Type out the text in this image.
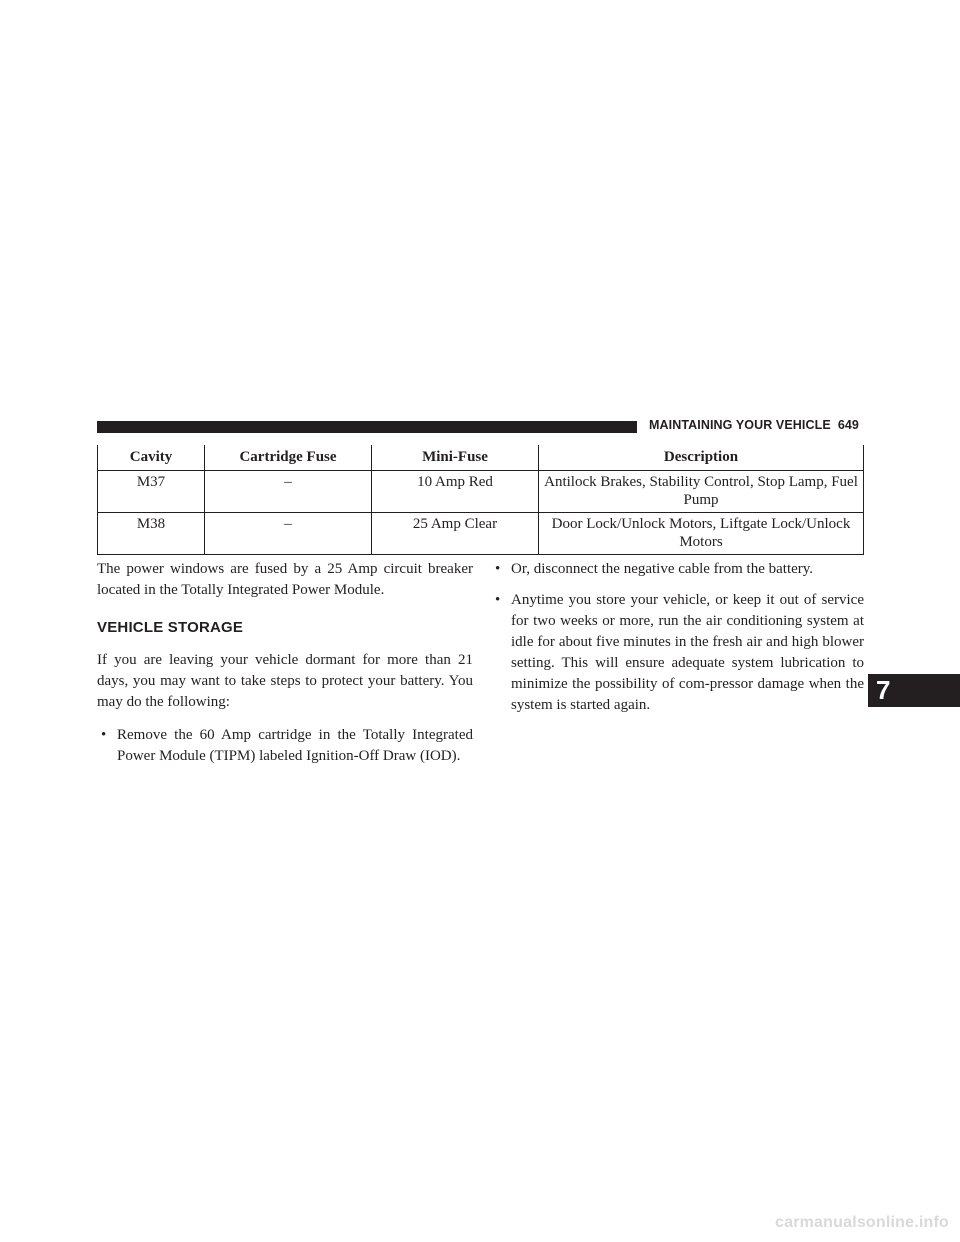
MAINTAINING YOUR VEHICLE 649
Cavity	Cartridge Fuse	Mini-Fuse	Description
M37	–	10 Amp Red	Antilock Brakes, Stability Control, Stop Lamp, Fuel Pump
M38	–	25 Amp Clear	Door Lock/Unlock Motors, Liftgate Lock/Unlock Motors

The power windows are fused by a 25 Amp circuit breaker located in the Totally Integrated Power Module.

VEHICLE STORAGE

If you are leaving your vehicle dormant for more than 21 days, you may want to take steps to protect your battery. You may do the following:

• Remove the 60 Amp cartridge in the Totally Integrated Power Module (TIPM) labeled Ignition-Off Draw (IOD).
• Or, disconnect the negative cable from the battery.
• Anytime you store your vehicle, or keep it out of service for two weeks or more, run the air conditioning system at idle for about five minutes in the fresh air and high blower setting. This will ensure adequate system lubrication to minimize the possibility of com-pressor damage when the system is started again.	7
carmanualsonline.info
